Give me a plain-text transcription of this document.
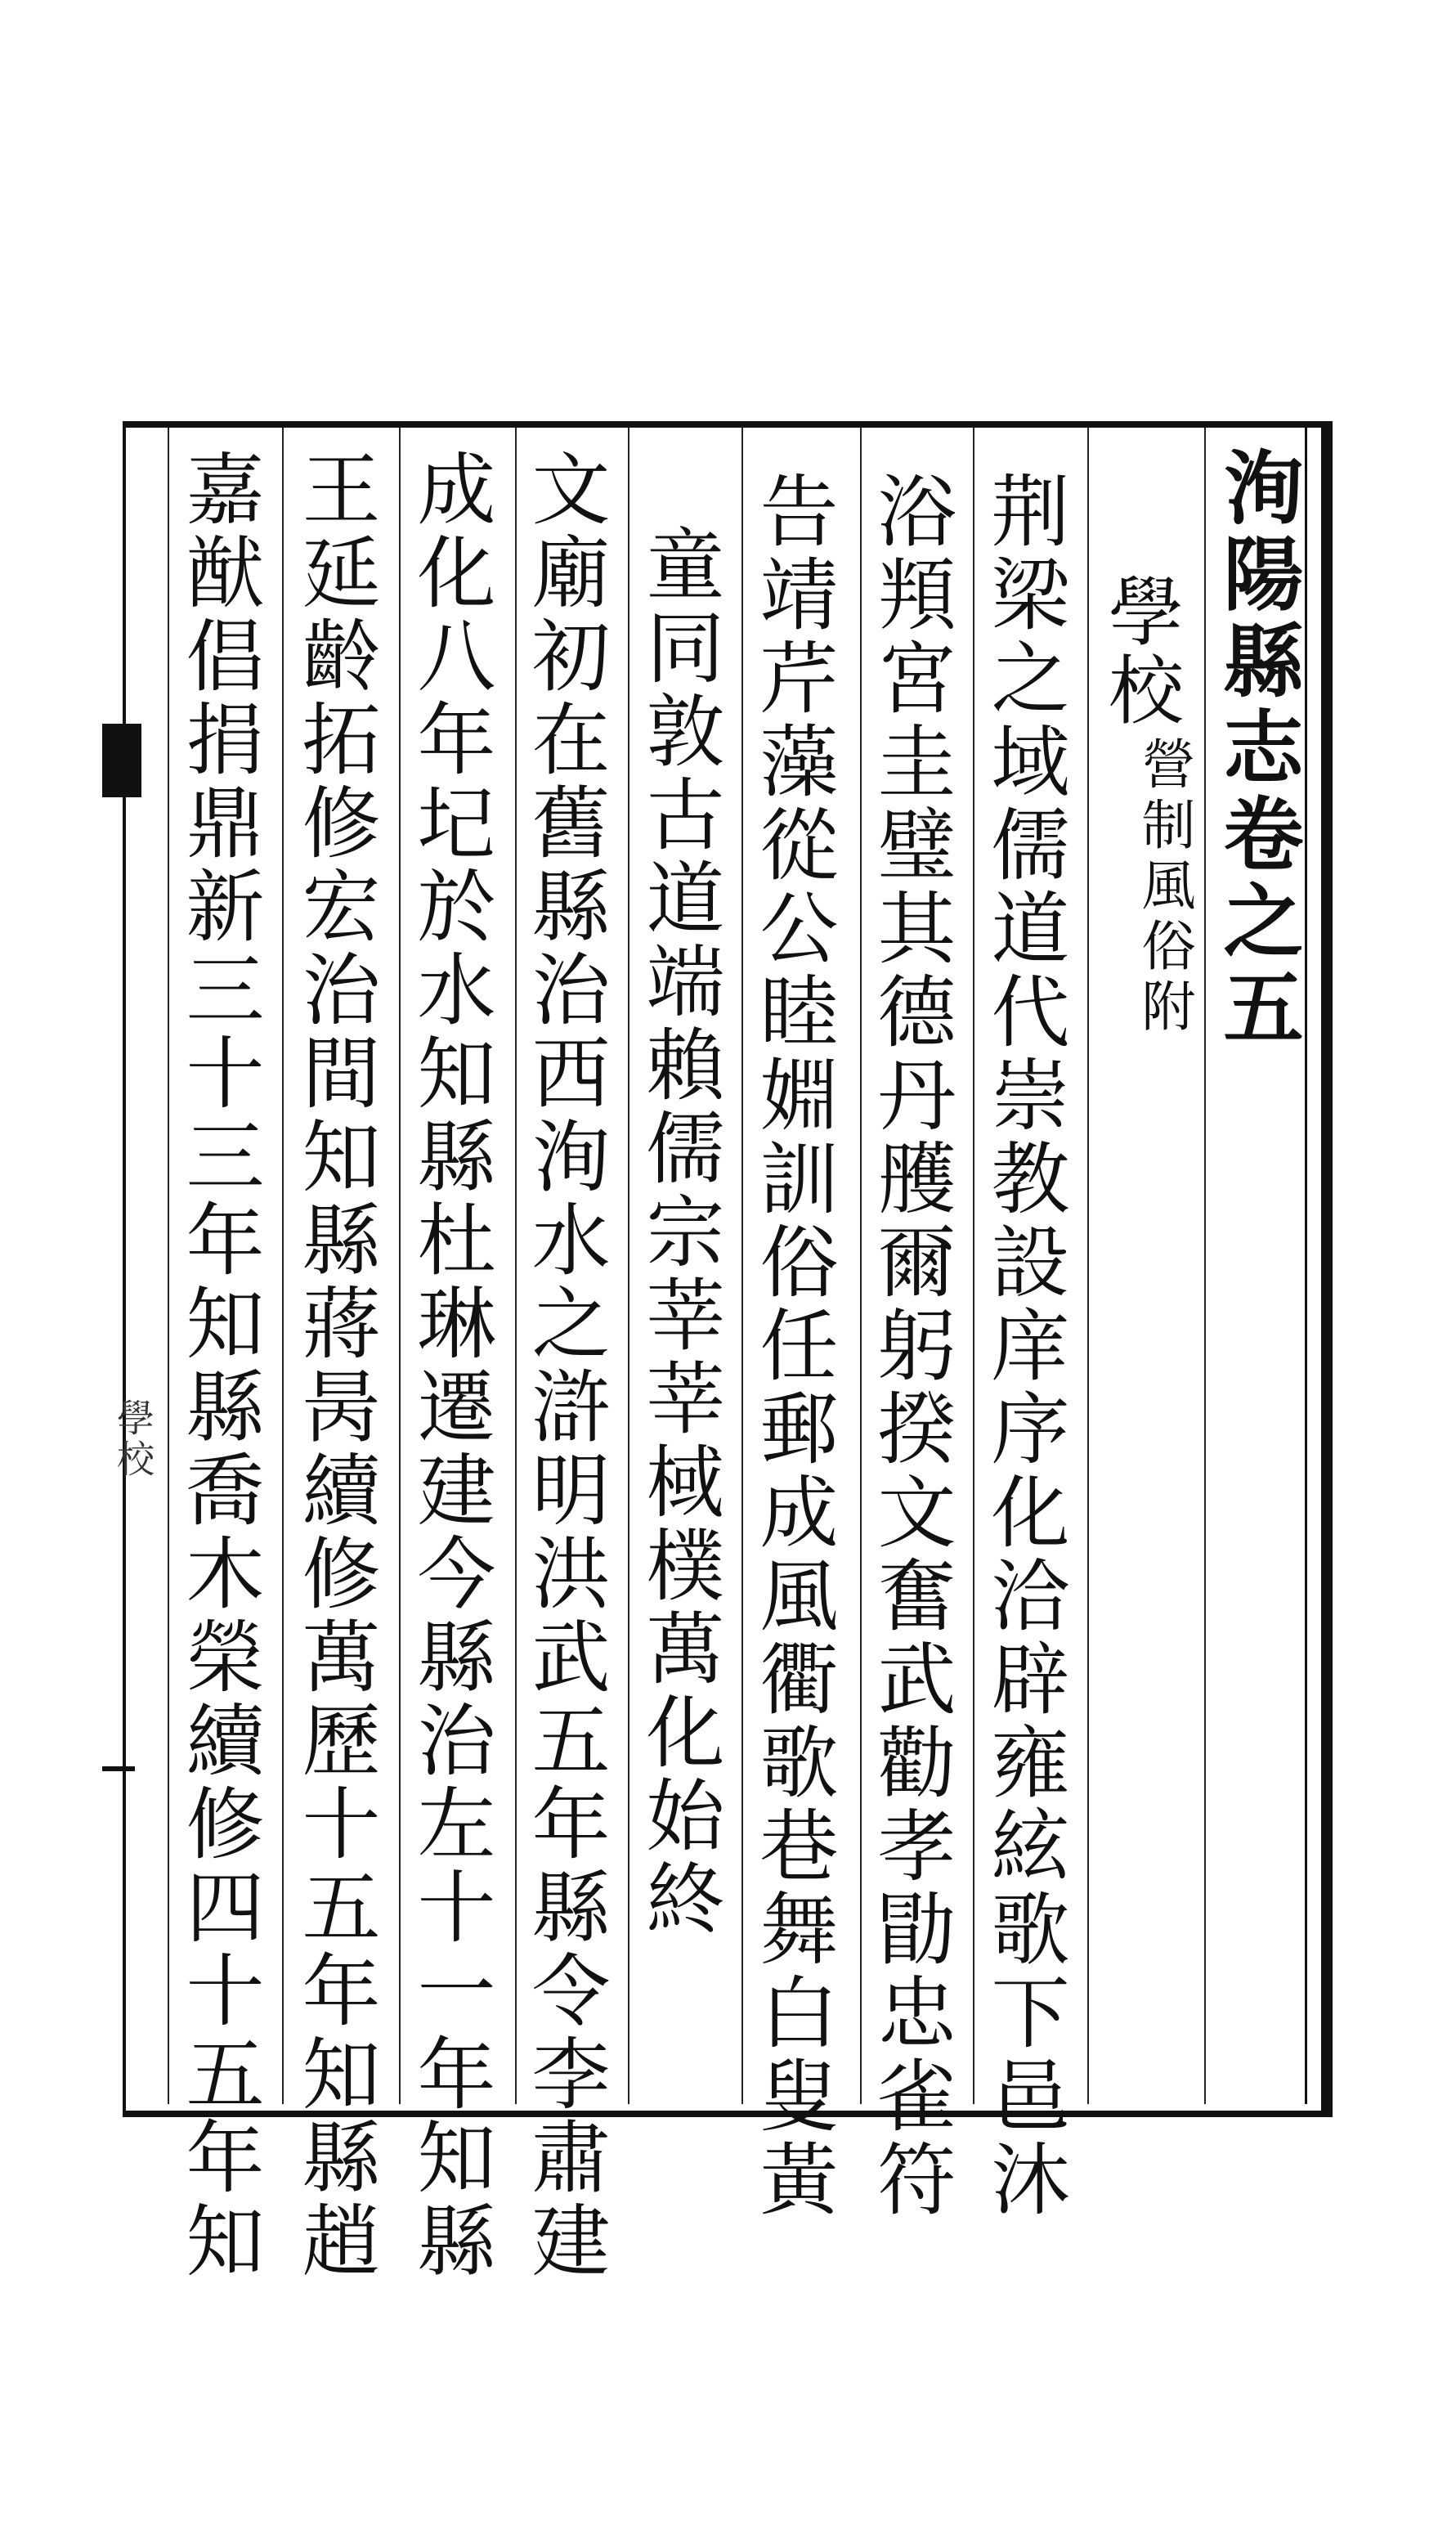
洵陽縣志卷之五
學校
營制風俗附
荆梁之域儒道代崇教設庠序化洽辟雍絃歌下邑沐
浴頖宮圭璧其德丹雘爾躬揆文奮武勸孝勖忠雀符
告靖芹藻從公睦婣訓俗任郵成風衢歌巷舞白叟黃
童同敦古道端賴儒宗莘莘棫樸萬化始終
文廟初在舊縣治西洵水之滸明洪武五年縣令李肅建
成化八年圮於水知縣杜琳遷建今縣治左十一年知縣
王延齡拓修宏治間知縣蔣昺續修萬歷十五年知縣趙
嘉猷倡捐鼎新三十三年知縣喬木榮續修四十五年知
學校
